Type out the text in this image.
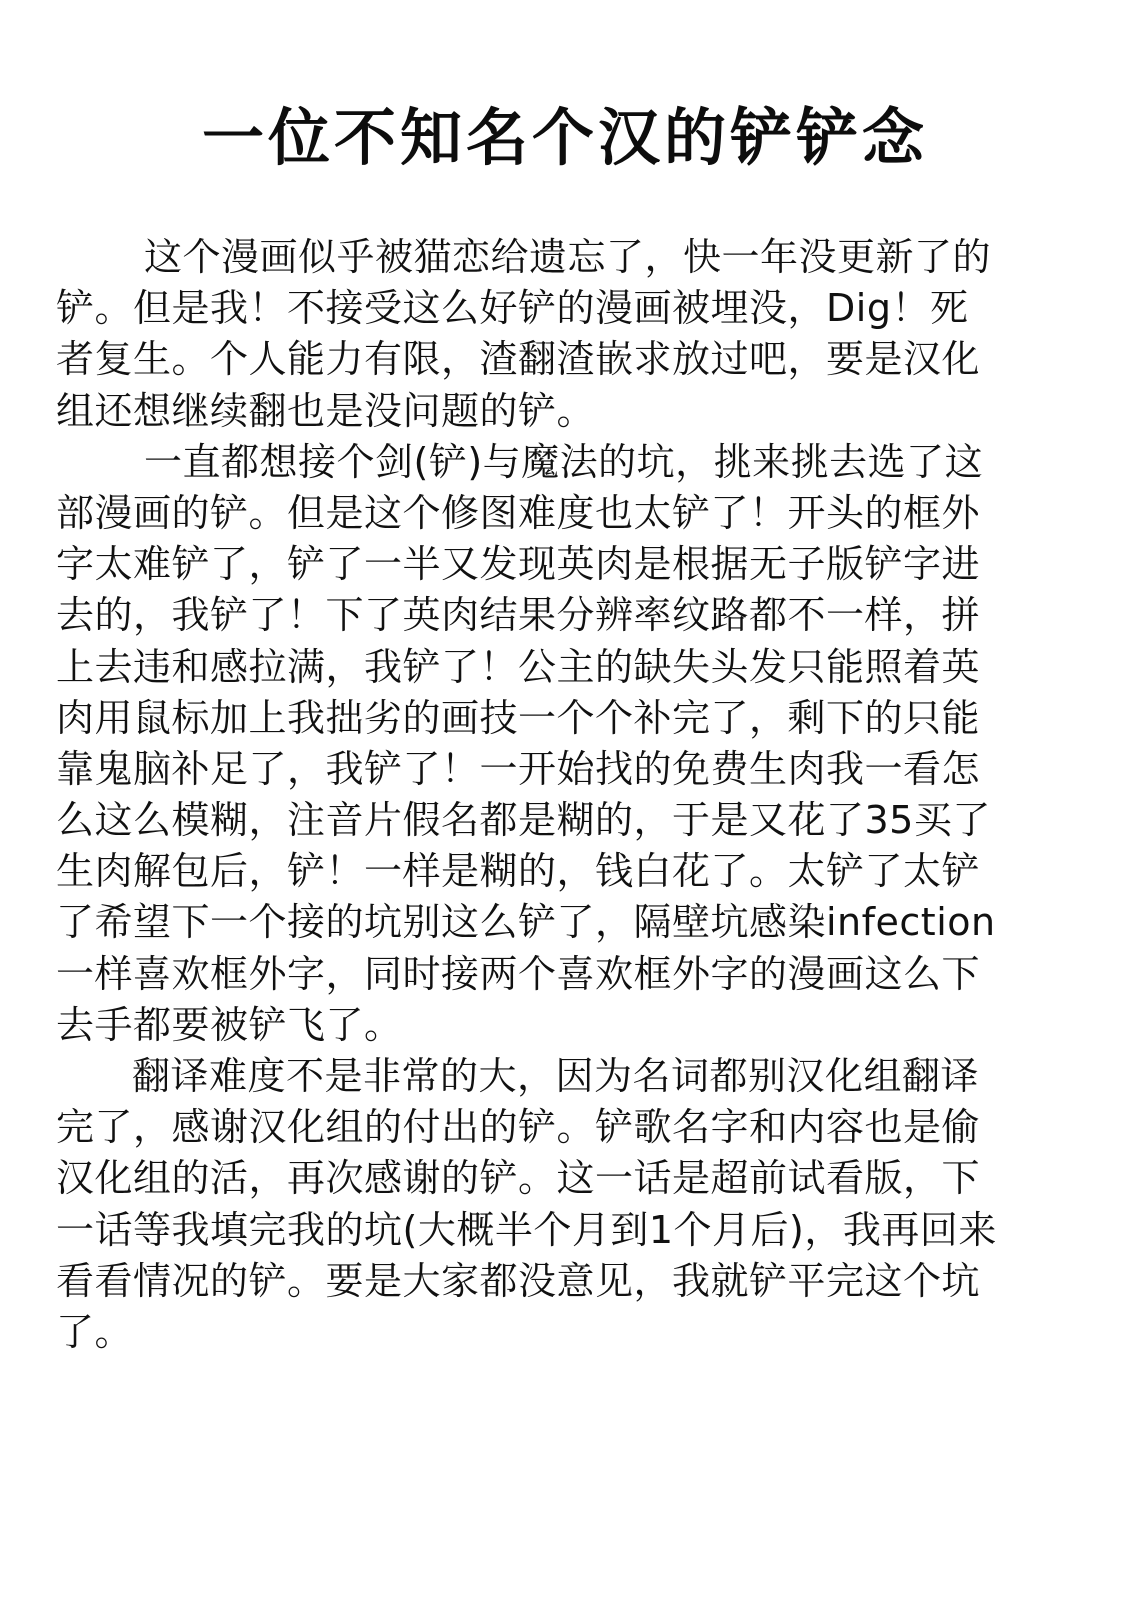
一位不知名个汉的铲铲念
这个漫画似乎被猫恋给遗忘了，快一年没更新了的
铲。但是我！不接受这么好铲的漫画被埋没，Dig！死
者复生。个人能力有限，渣翻渣嵌求放过吧，要是汉化
组还想继续翻也是没问题的铲。
一直都想接个剑(铲)与魔法的坑，挑来挑去选了这
部漫画的铲。但是这个修图难度也太铲了！开头的框外
字太难铲了，铲了一半又发现英肉是根据无子版铲字进
去的，我铲了！下了英肉结果分辨率纹路都不一样，拼
上去违和感拉满，我铲了！公主的缺失头发只能照着英
肉用鼠标加上我拙劣的画技一个个补完了，剩下的只能
靠鬼脑补足了，我铲了！一开始找的免费生肉我一看怎
么这么模糊，注音片假名都是糊的，于是又花了35买了
生肉解包后，铲！一样是糊的，钱白花了。太铲了太铲
了希望下一个接的坑别这么铲了，隔壁坑感染infection
一样喜欢框外字，同时接两个喜欢框外字的漫画这么下
去手都要被铲飞了。
翻译难度不是非常的大，因为名词都别汉化组翻译
完了，感谢汉化组的付出的铲。铲歌名字和内容也是偷
汉化组的活，再次感谢的铲。这一话是超前试看版，下
一话等我填完我的坑(大概半个月到1个月后)，我再回来
看看情况的铲。要是大家都没意见，我就铲平完这个坑
了。
